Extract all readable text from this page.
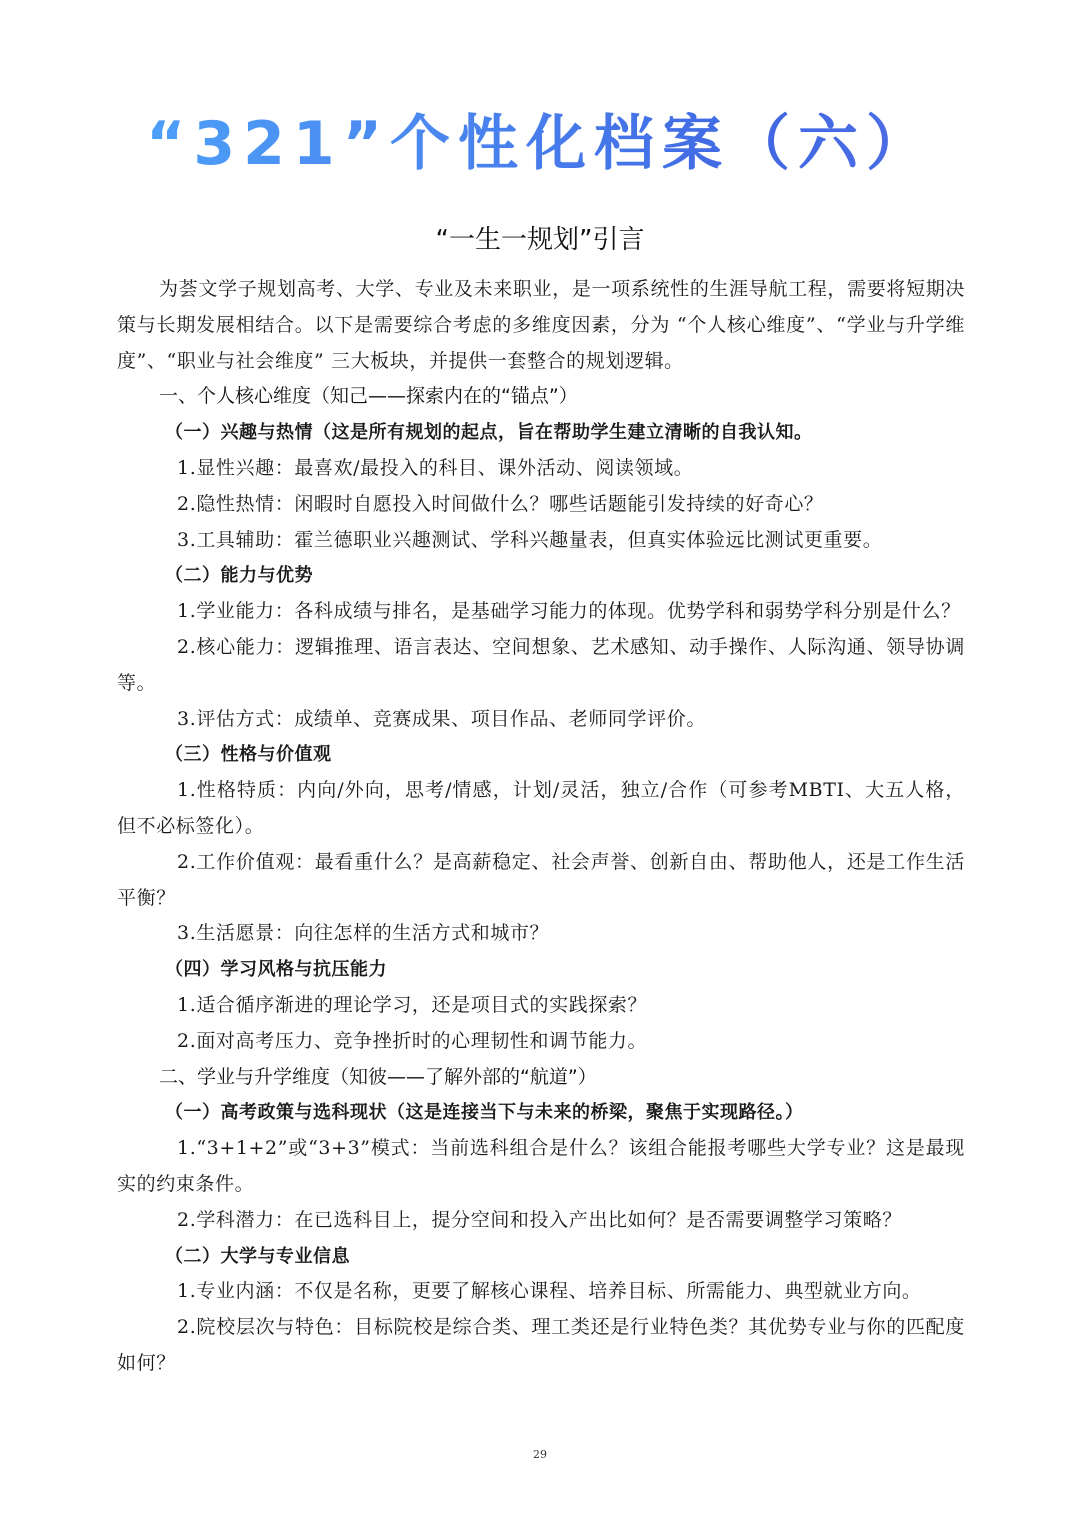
“321”个性化档案（六）
“一生一规划”引言

为荟文学子规划高考、大学、专业及未来职业，是一项系统性的生涯导航工程，需要将短期决策与长期发展相结合。以下是需要综合考虑的多维度因素，分为 “个人核心维度”、“学业与升学维度”、“职业与社会维度” 三大板块，并提供一套整合的规划逻辑。

一、个人核心维度（知己——探索内在的“锚点”）

（一）兴趣与热情（这是所有规划的起点，旨在帮助学生建立清晰的自我认知。

1.显性兴趣：最喜欢/最投入的科目、课外活动、阅读领域。

2.隐性热情：闲暇时自愿投入时间做什么？哪些话题能引发持续的好奇心？

3.工具辅助：霍兰德职业兴趣测试、学科兴趣量表，但真实体验远比测试更重要。

（二）能力与优势

1.学业能力：各科成绩与排名，是基础学习能力的体现。优势学科和弱势学科分别是什么？

2.核心能力：逻辑推理、语言表达、空间想象、艺术感知、动手操作、人际沟通、领导协调等。

3.评估方式：成绩单、竞赛成果、项目作品、老师同学评价。

（三）性格与价值观

1.性格特质：内向/外向，思考/情感，计划/灵活，独立/合作（可参考MBTI、大五人格，但不必标签化）。

2.工作价值观：最看重什么？是高薪稳定、社会声誉、创新自由、帮助他人，还是工作生活平衡？

3.生活愿景：向往怎样的生活方式和城市？

（四）学习风格与抗压能力

1.适合循序渐进的理论学习，还是项目式的实践探索？

2.面对高考压力、竞争挫折时的心理韧性和调节能力。

二、学业与升学维度（知彼——了解外部的“航道”）

（一）高考政策与选科现状（这是连接当下与未来的桥梁，聚焦于实现路径。）

1.“3+1+2”或“3+3”模式：当前选科组合是什么？该组合能报考哪些大学专业？这是最现实的约束条件。

2.学科潜力：在已选科目上，提分空间和投入产出比如何？是否需要调整学习策略？

（二）大学与专业信息

1.专业内涵：不仅是名称，更要了解核心课程、培养目标、所需能力、典型就业方向。

2.院校层次与特色：目标院校是综合类、理工类还是行业特色类？其优势专业与你的匹配度如何？

29
